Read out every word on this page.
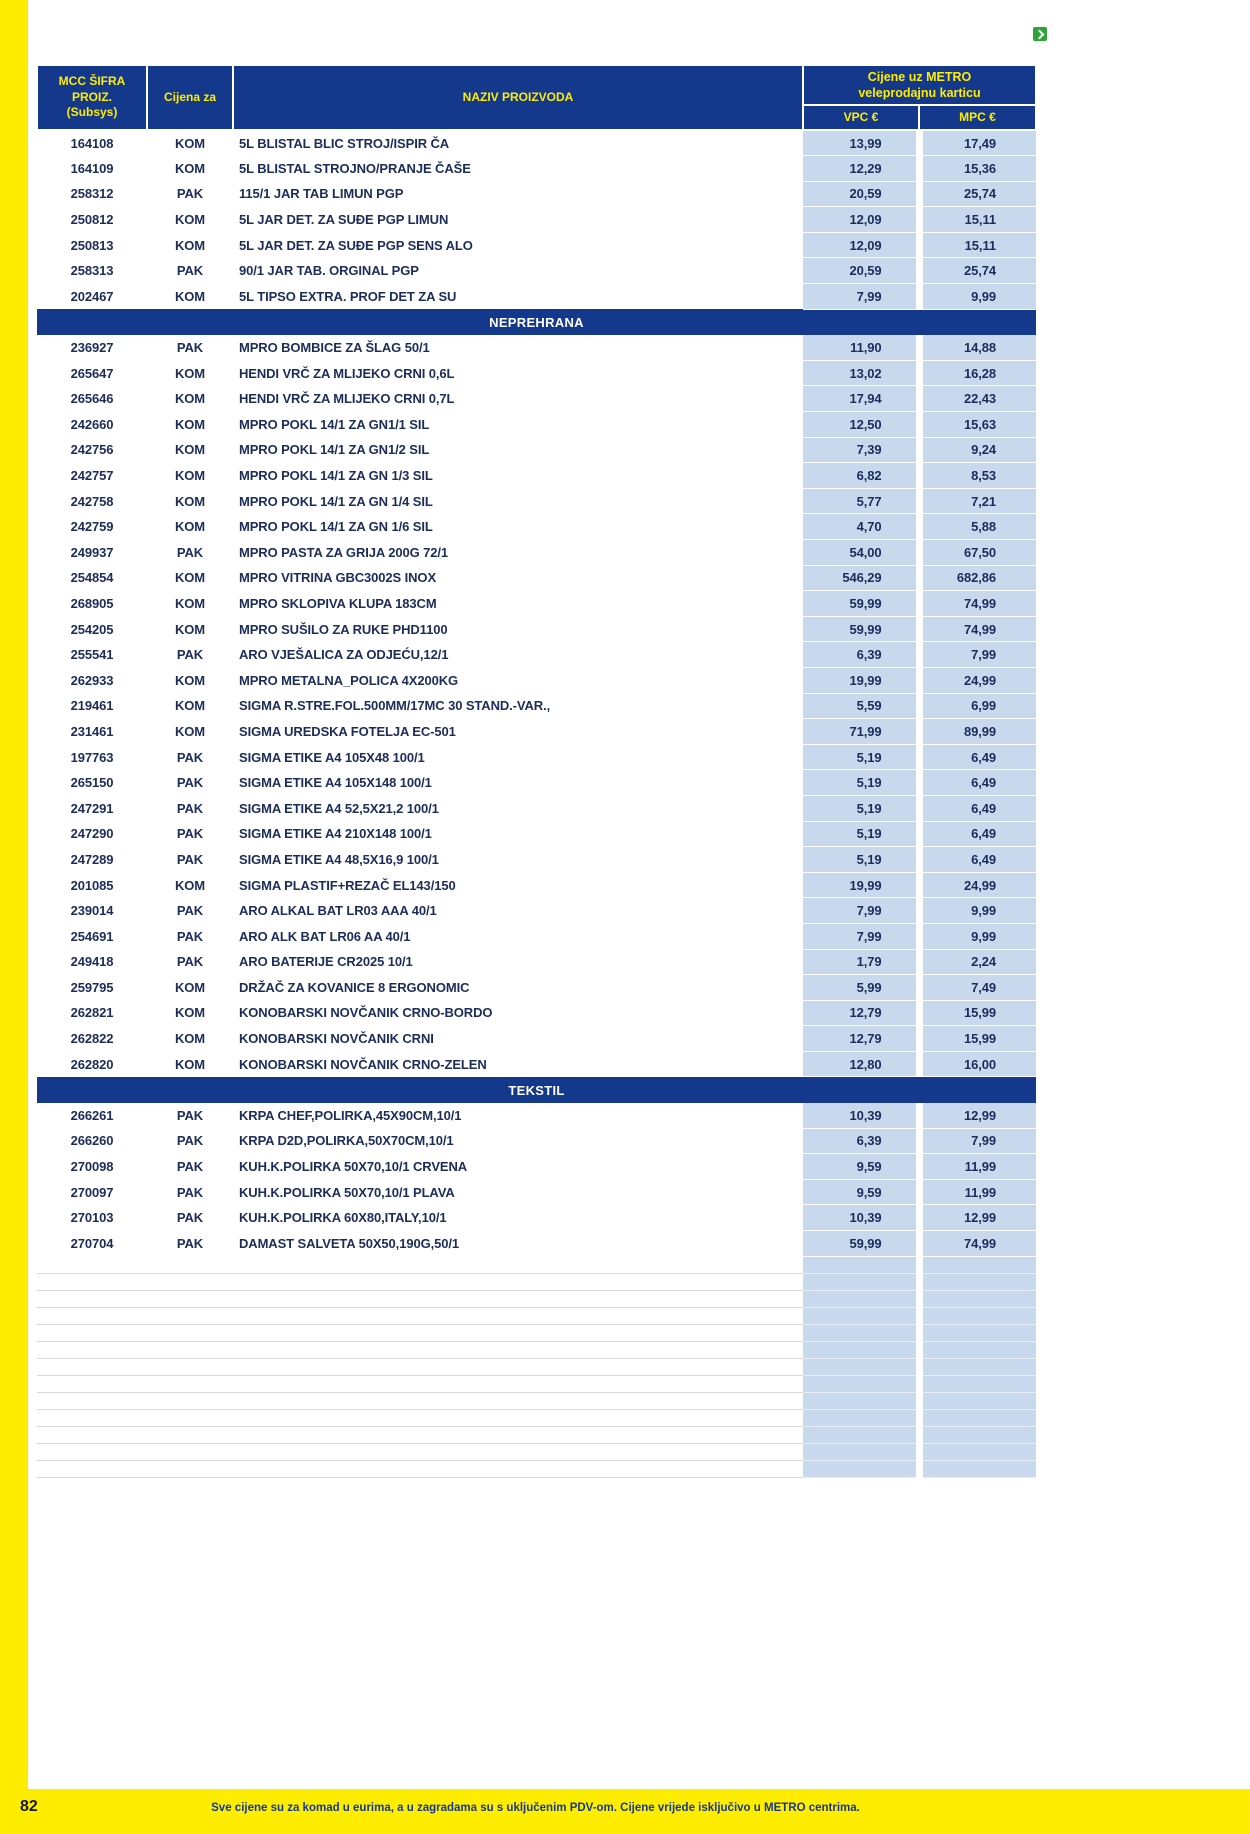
MCC ŠIFRA PROIZ.
(Subsys)	Cijena za	NAZIV PROIZVODA	Cijene uz METRO veleprodajnu karticu	
			VPC €	MPC €
164108	KOM	5L BLISTAL BLIC STROJ/ISPIR ČA	13,99	17,49
164109	KOM	5L BLISTAL STROJNO/PRANJE ČAŠE	12,29	15,36
258312	PAK	115/1 JAR TAB LIMUN PGP	20,59	25,74
250812	KOM	5L JAR DET. ZA SUĐE PGP LIMUN	12,09	15,11
250813	KOM	5L JAR DET. ZA SUĐE PGP SENS ALO	12,09	15,11
258313	PAK	90/1 JAR TAB. ORGINAL PGP	20,59	25,74
202467	KOM	5L TIPSO EXTRA. PROF DET ZA SU	7,99	9,99
NEPREHRANA				
236927	PAK	MPRO BOMBICE ZA ŠLAG 50/1	11,90	14,88
265647	KOM	HENDI VRČ ZA MLIJEKO CRNI 0,6L	13,02	16,28
265646	KOM	HENDI VRČ ZA MLIJEKO CRNI 0,7L	17,94	22,43
242660	KOM	MPRO POKL 14/1 ZA GN1/1 SIL	12,50	15,63
242756	KOM	MPRO POKL 14/1 ZA GN1/2 SIL	7,39	9,24
242757	KOM	MPRO POKL 14/1 ZA GN 1/3 SIL	6,82	8,53
242758	KOM	MPRO POKL 14/1 ZA GN 1/4 SIL	5,77	7,21
242759	KOM	MPRO POKL 14/1 ZA GN 1/6 SIL	4,70	5,88
249937	PAK	MPRO PASTA ZA GRIJA 200G 72/1	54,00	67,50
254854	KOM	MPRO VITRINA GBC3002S INOX	546,29	682,86
268905	KOM	MPRO SKLOPIVA KLUPA 183CM	59,99	74,99
254205	KOM	MPRO SUŠILO ZA RUKE PHD1100	59,99	74,99
255541	PAK	ARO VJEŠALICA ZA ODJEĆU,12/1	6,39	7,99
262933	KOM	MPRO METALNA_POLICA 4X200KG	19,99	24,99
219461	KOM	SIGMA R.STRE.FOL.500MM/17MC 30 STAND.-VAR.,	5,59	6,99
231461	KOM	SIGMA UREDSKA FOTELJA EC-501	71,99	89,99
197763	PAK	SIGMA ETIKE A4 105X48 100/1	5,19	6,49
265150	PAK	SIGMA ETIKE A4 105X148 100/1	5,19	6,49
247291	PAK	SIGMA ETIKE A4 52,5X21,2 100/1	5,19	6,49
247290	PAK	SIGMA ETIKE A4 210X148 100/1	5,19	6,49
247289	PAK	SIGMA ETIKE A4 48,5X16,9 100/1	5,19	6,49
201085	KOM	SIGMA PLASTIF+REZAČ EL143/150	19,99	24,99
239014	PAK	ARO ALKAL BAT LR03 AAA 40/1	7,99	9,99
254691	PAK	ARO ALK BAT LR06 AA 40/1	7,99	9,99
249418	PAK	ARO BATERIJE CR2025 10/1	1,79	2,24
259795	KOM	DRŽAČ ZA KOVANICE 8 ERGONOMIC	5,99	7,49
262821	KOM	KONOBARSKI NOVČANIK CRNO-BORDO	12,79	15,99
262822	KOM	KONOBARSKI NOVČANIK CRNI	12,79	15,99
262820	KOM	KONOBARSKI NOVČANIK CRNO-ZELEN	12,80	16,00
TEKSTIL				
266261	PAK	KRPA CHEF,POLIRKA,45X90CM,10/1	10,39	12,99
266260	PAK	KRPA D2D,POLIRKA,50X70CM,10/1	6,39	7,99
270098	PAK	KUH.K.POLIRKA 50X70,10/1 CRVENA	9,59	11,99
270097	PAK	KUH.K.POLIRKA 50X70,10/1 PLAVA	9,59	11,99
270103	PAK	KUH.K.POLIRKA 60X80,ITALY,10/1	10,39	12,99
270704	PAK	DAMAST SALVETA 50X50,190G,50/1	59,99	74,99

82	Sve cijene su za komad u eurima, a u zagradama su s uključenim PDV-om. Cijene vrijede isključivo u METRO centrima.
